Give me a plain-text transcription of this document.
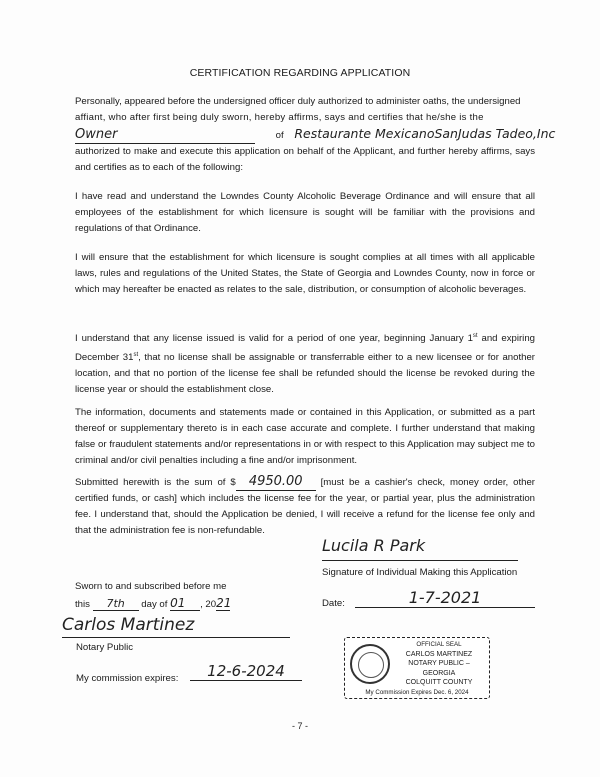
CERTIFICATION REGARDING APPLICATION
Personally, appeared before the undersigned officer duly authorized to administer oaths, the undersigned
affiant, who after first being duly sworn, hereby affirms, says and certifies that he/she is the
Owner	of Restaurante MexicanoSanJudas Tadeo,Inc
authorized to make and execute this application on behalf of the Applicant, and further hereby affirms, says and certifies as to each of the following:
I have read and understand the Lowndes County Alcoholic Beverage Ordinance and will ensure that all employees of the establishment for which licensure is sought will be familiar with the provisions and regulations of that Ordinance.
I will ensure that the establishment for which licensure is sought complies at all times with all applicable laws, rules and regulations of the United States, the State of Georgia and Lowndes County, now in force or which may hereafter be enacted as relates to the sale, distribution, or consumption of alcoholic beverages.
I understand that any license issued is valid for a period of one year, beginning January 1st and expiring December 31st, that no license shall be assignable or transferrable either to a new licensee or for another location, and that no portion of the license fee shall be refunded should the license be revoked during the license year or should the establishment close.
The information, documents and statements made or contained in this Application, or submitted as a part thereof or supplementary thereto is in each case accurate and complete. I further understand that making false or fraudulent statements and/or representations in or with respect to this Application may subject me to criminal and/or civil penalties including a fine and/or imprisonment.
Submitted herewith is the sum of $ 4950.00 [must be a cashier's check, money order, other certified funds, or cash] which includes the license fee for the year, or partial year, plus the administration fee. I understand that, should the Application be denied, I will receive a refund for the license fee only and that the administration fee is non-refundable.
Lucila R Park
Signature of Individual Making this Application
Date:	1-7-2021
Sworn to and subscribed before me
this 7th day of 01 , 2021
Carlos Martinez
Notary Public
My commission expires:	12-6-2024
OFFICIAL SEAL
CARLOS MARTINEZ
NOTARY PUBLIC – GEORGIA
COLQUITT COUNTY
My Commission Expires Dec. 6, 2024
- 7 -
